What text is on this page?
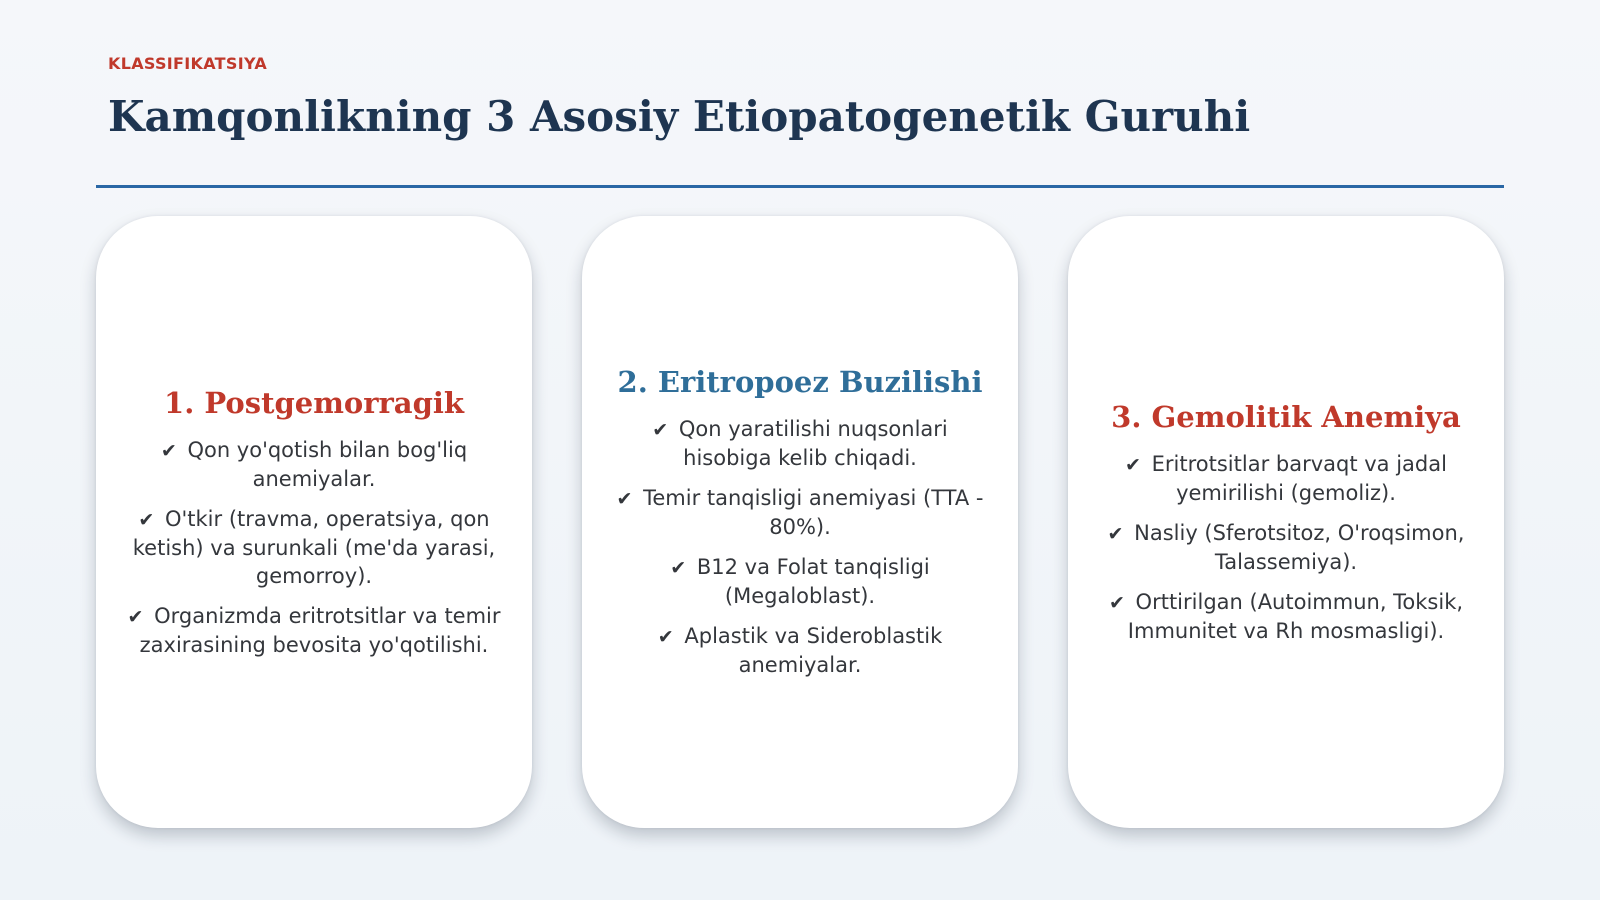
KLASSIFIKATSIYA

Kamqonlikning 3 Asosiy Etiopatogenetik Guruhi
1. Postgemorragik
✔ Qon yo'qotish bilan bog'liq anemiyalar.
✔ O'tkir (travma, operatsiya, qon ketish) va surunkali (me'da yarasi, gemorroy).
✔ Organizmda eritrotsitlar va temir zaxirasining bevosita yo'qotilishi.
2. Eritropoez Buzilishi
✔ Qon yaratilishi nuqsonlari hisobiga kelib chiqadi.
✔ Temir tanqisligi anemiyasi (TTA - 80%).
✔ B12 va Folat tanqisligi (Megaloblast).
✔ Aplastik va Sideroblastik anemiyalar.
3. Gemolitik Anemiya
✔ Eritrotsitlar barvaqt va jadal yemirilishi (gemoliz).
✔ Nasliy (Sferotsitoz, O'roqsimon, Talassemiya).
✔ Orttirilgan (Autoimmun, Toksik, Immunitet va Rh mosmasligi).
